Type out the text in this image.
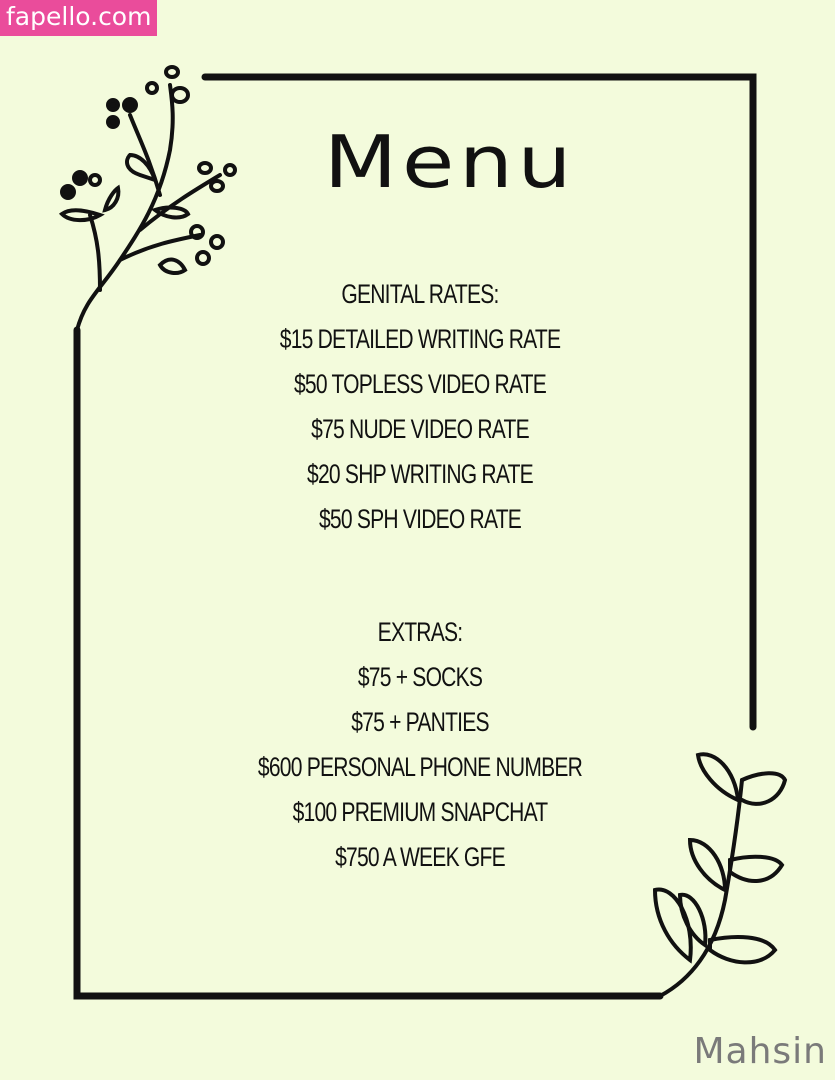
fapello.com
Menu
GENITAL RATES:
$15 DETAILED WRITING RATE
$50 TOPLESS VIDEO RATE
$75 NUDE VIDEO RATE
$20 SHP WRITING RATE
$50 SPH VIDEO RATE
EXTRAS:
$75 + SOCKS
$75 + PANTIES
$600 PERSONAL PHONE NUMBER
$100 PREMIUM SNAPCHAT
$750 A WEEK GFE
Mahsin
